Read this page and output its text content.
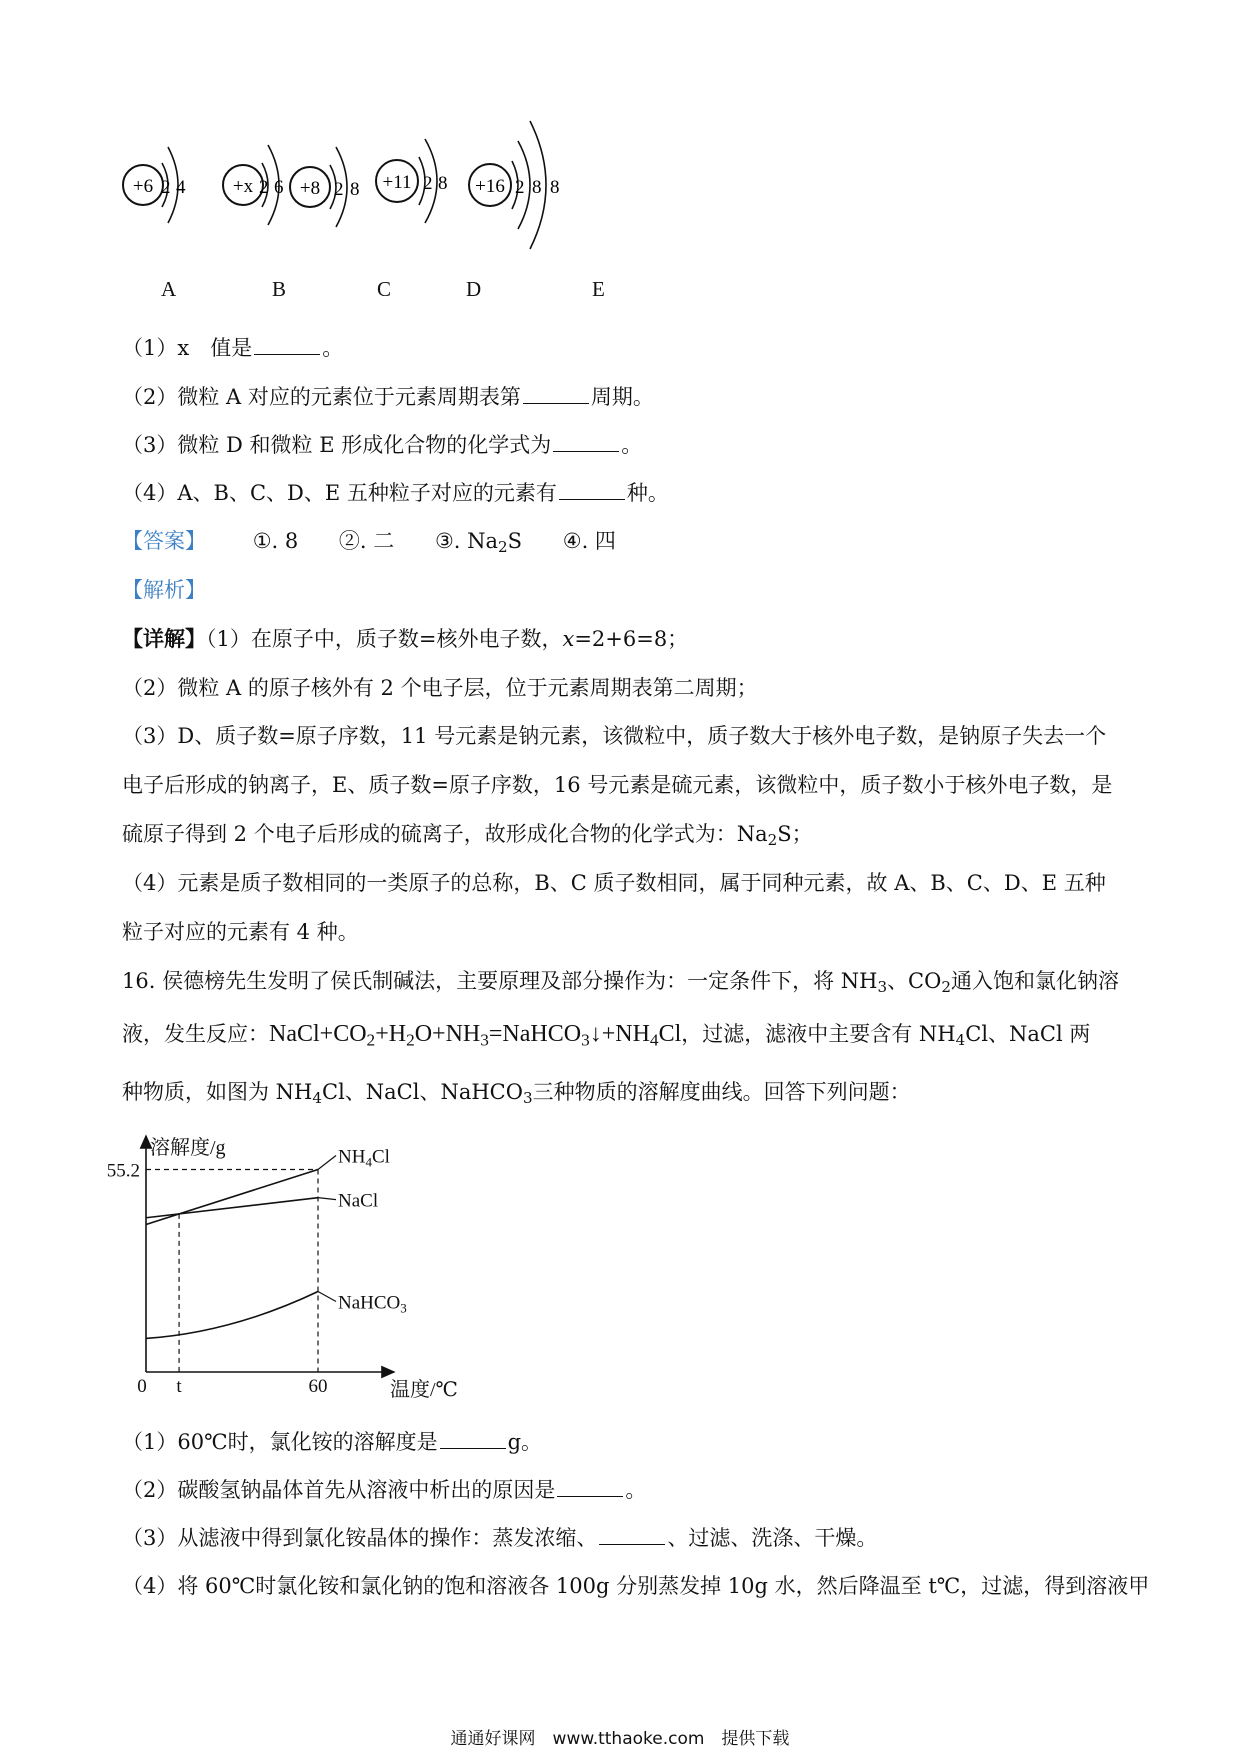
+6 2 4 +x 2 6 +8 2 8 +11 2 8 +16 2 8 8
A	B	C	D	E
（1）x　值是	。
（2）微粒 A 对应的元素位于元素周期表第	周期。
（3）微粒 D 和微粒 E 形成化合物的化学式为	。
（4）A、B、C、D、E 五种粒子对应的元素有	种。
【答案】 ①. 8 ②. 二 ③. $Na_2S$ ④. 四
【解析】
【详解】（1）在原子中，质子数=核外电子数，x=2+6=8；
（2）微粒 A 的原子核外有 2 个电子层，位于元素周期表第二周期；
（3）D、质子数=原子序数，11 号元素是钠元素，该微粒中，质子数大于核外电子数，是钠原子失去一个
电子后形成的钠离子，E、质子数=原子序数，16 号元素是硫元素，该微粒中，质子数小于核外电子数，是
硫原子得到 2 个电子后形成的硫离子，故形成化合物的化学式为：$Na_2S$；
（4）元素是质子数相同的一类原子的总称，B、C 质子数相同，属于同种元素，故 A、B、C、D、E 五种
粒子对应的元素有 4 种。
16. 侯德榜先生发明了侯氏制碱法，主要原理及部分操作为：一定条件下，将 $NH_3$、$CO_2$通入饱和氯化钠溶
液，发生反应：$NaCl+CO_2+H_2O+NH_3=NaHCO_3↓+NH_4Cl$，过滤，滤液中主要含有 $NH_4Cl$、NaCl 两
种物质，如图为 $NH_4Cl$、NaCl、NaHCO$_3$三种物质的溶解度曲线。回答下列问题：
溶解度/g
温度/℃
0 t	60
55.2
$NH_4Cl$
NaCl
NaHCO$_3$
（1）60℃时，氯化铵的溶解度是	g。
（2）碳酸氢钠晶体首先从溶液中析出的原因是	。
（3）从滤液中得到氯化铵晶体的操作：蒸发浓缩、	、过滤、洗涤、干燥。
（4）将 60℃时氯化铵和氯化钠的饱和溶液各 100g 分别蒸发掉 10g 水，然后降温至 t℃，过滤，得到溶液甲
通通好课网　www.tthaoke.com　提供下载
